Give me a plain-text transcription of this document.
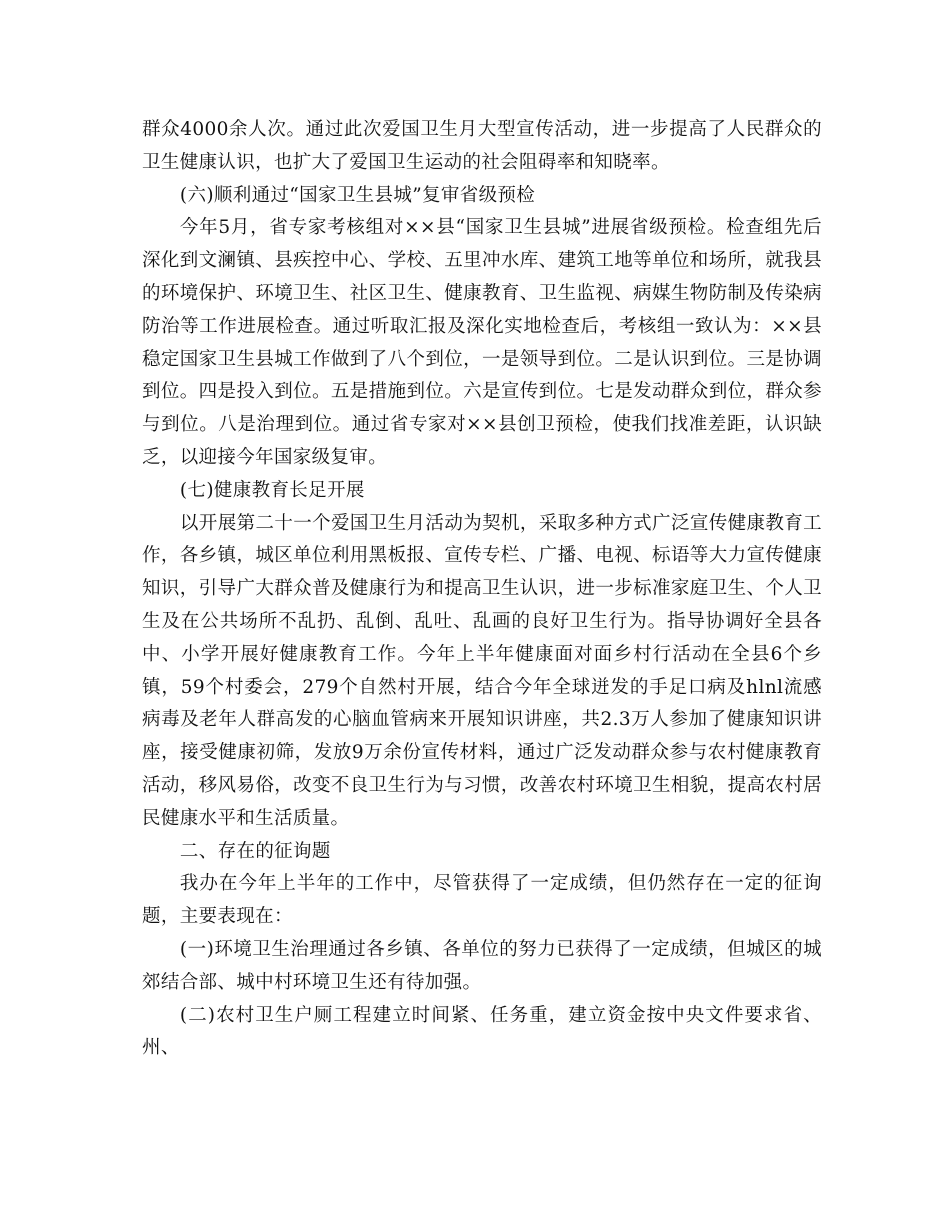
群众4000余人次。通过此次爱国卫生月大型宣传活动，进一步提高了人民群众的卫生健康认识，也扩大了爱国卫生运动的社会阻碍率和知晓率。

(六)顺利通过“国家卫生县城”复审省级预检

今年5月，省专家考核组对××县“国家卫生县城”进展省级预检。检查组先后深化到文澜镇、县疾控中心、学校、五里冲水库、建筑工地等单位和场所，就我县的环境保护、环境卫生、社区卫生、健康教育、卫生监视、病媒生物防制及传染病防治等工作进展检查。通过听取汇报及深化实地检查后，考核组一致认为：××县稳定国家卫生县城工作做到了八个到位，一是领导到位。二是认识到位。三是协调到位。四是投入到位。五是措施到位。六是宣传到位。七是发动群众到位，群众参与到位。八是治理到位。通过省专家对××县创卫预检，使我们找准差距，认识缺乏，以迎接今年国家级复审。

(七)健康教育长足开展

以开展第二十一个爱国卫生月活动为契机，采取多种方式广泛宣传健康教育工作，各乡镇，城区单位利用黑板报、宣传专栏、广播、电视、标语等大力宣传健康知识，引导广大群众普及健康行为和提高卫生认识，进一步标准家庭卫生、个人卫生及在公共场所不乱扔、乱倒、乱吐、乱画的良好卫生行为。指导协调好全县各中、小学开展好健康教育工作。今年上半年健康面对面乡村行活动在全县6个乡镇，59个村委会，279个自然村开展，结合今年全球迸发的手足口病及hlnl流感病毒及老年人群高发的心脑血管病来开展知识讲座，共2.3万人参加了健康知识讲座，接受健康初筛，发放9万余份宣传材料，通过广泛发动群众参与农村健康教育活动，移风易俗，改变不良卫生行为与习惯，改善农村环境卫生相貌，提高农村居民健康水平和生活质量。

二、存在的征询题

我办在今年上半年的工作中，尽管获得了一定成绩，但仍然存在一定的征询题，主要表现在：

(一)环境卫生治理通过各乡镇、各单位的努力已获得了一定成绩，但城区的城郊结合部、城中村环境卫生还有待加强。

(二)农村卫生户厕工程建立时间紧、任务重，建立资金按中央文件要求省、州、
